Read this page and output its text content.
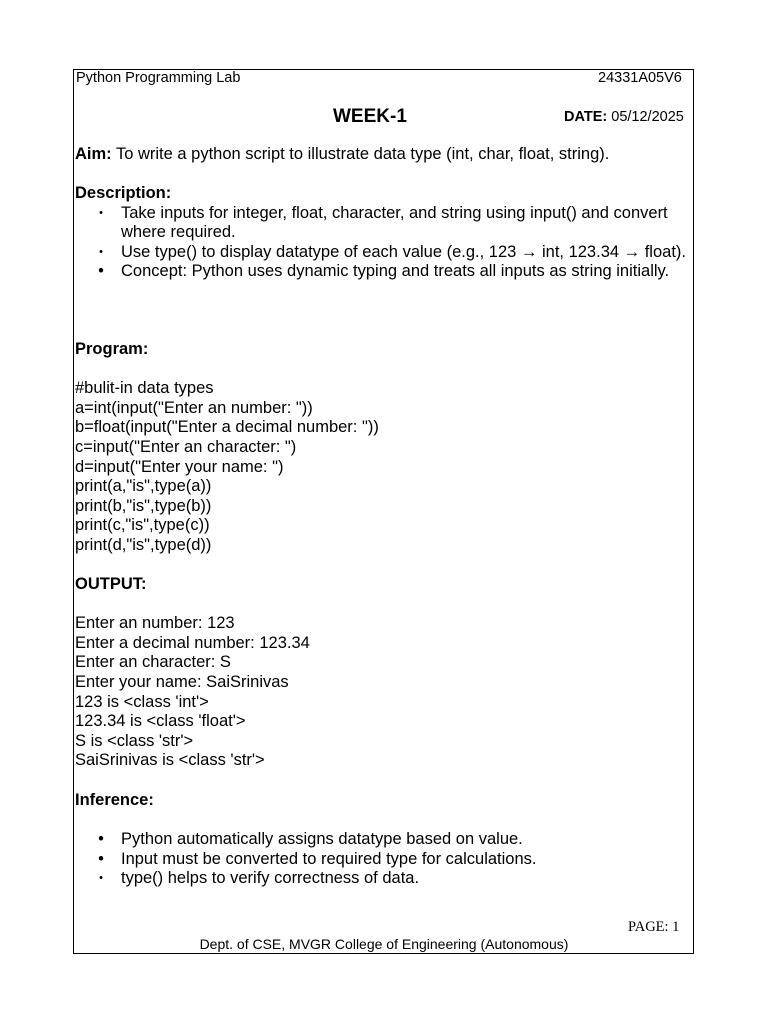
Python Programming Lab	24331A05V6
WEEK-1	DATE: 05/12/2025
Aim: To write a python script to illustrate data type (int, char, float, string).
Description:
• Take inputs for integer, float, character, and string using input() and convert where required.
• Use type() to display datatype of each value (e.g., 123 → int, 123.34 → float).
• Concept: Python uses dynamic typing and treats all inputs as string initially.
Program:
#bulit-in data types
a=int(input("Enter an number: "))
b=float(input("Enter a decimal number: "))
c=input("Enter an character: ")
d=input("Enter your name: ")
print(a,"is",type(a))
print(b,"is",type(b))
print(c,"is",type(c))
print(d,"is",type(d))
OUTPUT:
Enter an number: 123
Enter a decimal number: 123.34
Enter an character: S
Enter your name: SaiSrinivas
123 is <class 'int'>
123.34 is <class 'float'>
S is <class 'str'>
SaiSrinivas is <class 'str'>
Inference:
• Python automatically assigns datatype based on value.
• Input must be converted to required type for calculations.
• type() helps to verify correctness of data.
PAGE: 1
Dept. of CSE, MVGR College of Engineering (Autonomous)
